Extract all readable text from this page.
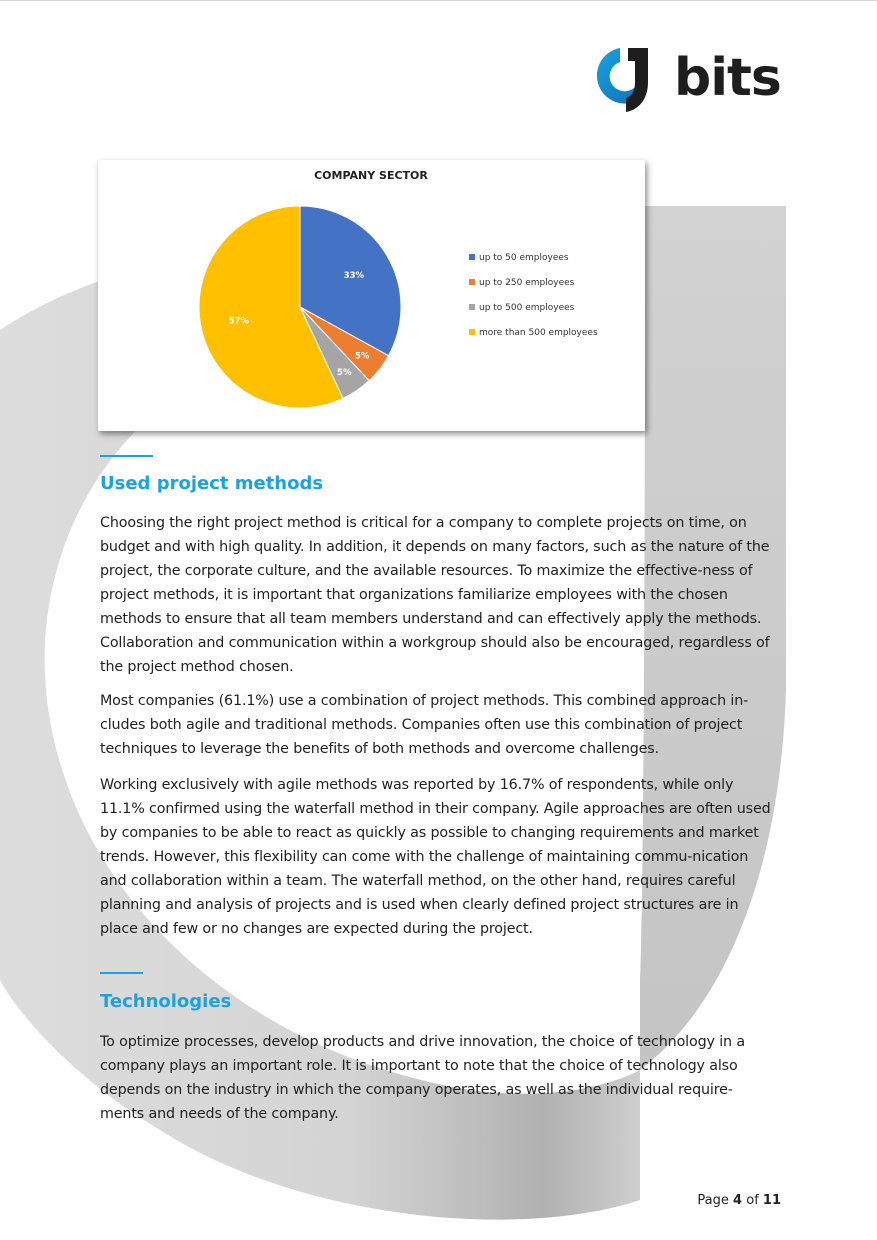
bits
COMPANY SECTOR
33%
5%
5%
57%
up to 50 employees
up to 250 employees
up to 500 employees
more than 500 employees
Used project methods

Choosing the right project method is critical for a company to complete projects on time, on budget and with high quality. In addition, it depends on many factors, such as the nature of the project, the corporate culture, and the available resources. To maximize the effective-ness of project methods, it is important that organizations familiarize employees with the chosen methods to ensure that all team members understand and can effectively apply the methods. Collaboration and communication within a workgroup should also be encouraged, regardless of the project method chosen.

Most companies (61.1%) use a combination of project methods. This combined approach in-cludes both agile and traditional methods. Companies often use this combination of project techniques to leverage the benefits of both methods and overcome challenges.

Working exclusively with agile methods was reported by 16.7% of respondents, while only 11.1% confirmed using the waterfall method in their company. Agile approaches are often used by companies to be able to react as quickly as possible to changing requirements and market trends. However, this flexibility can come with the challenge of maintaining commu-nication and collaboration within a team. The waterfall method, on the other hand, requires careful planning and analysis of projects and is used when clearly defined project structures are in place and few or no changes are expected during the project.

Technologies

To optimize processes, develop products and drive innovation, the choice of technology in a company plays an important role. It is important to note that the choice of technology also depends on the industry in which the company operates, as well as the individual require-ments and needs of the company.

Page 4 of 11
